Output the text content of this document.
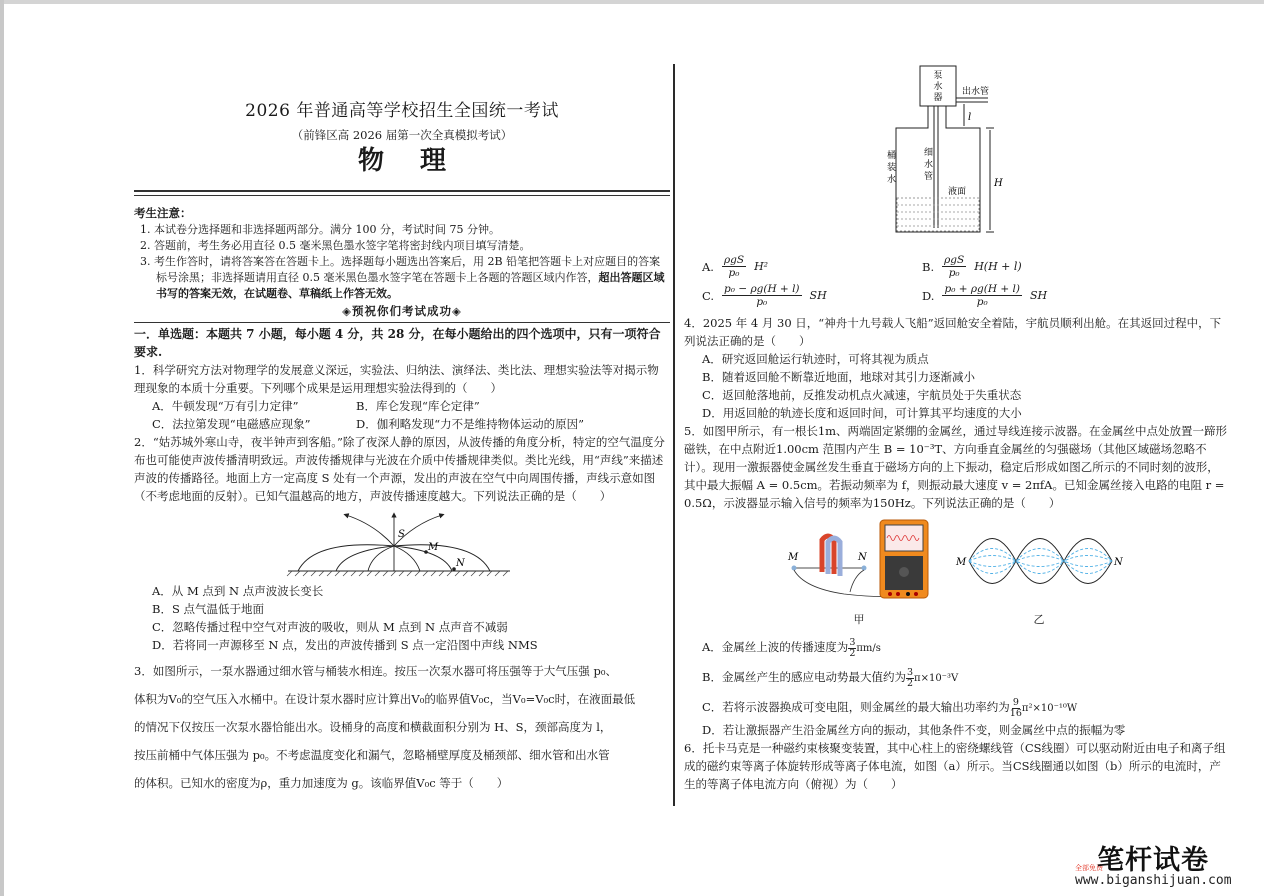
2026 年普通高等学校招生全国统一考试
（前锋区高 2026 届第一次全真模拟考试）
物理
考生注意：
1. 本试卷分选择题和非选择题两部分。满分 100 分，考试时间 75 分钟。
2. 答题前，考生务必用直径 0.5 毫米黑色墨水签字笔将密封线内项目填写清楚。
3. 考生作答时，请将答案答在答题卡上。选择题每小题选出答案后，用 2B 铅笔把答题卡上对应题目的答案标号涂黑；非选择题请用直径 0.5 毫米黑色墨水签字笔在答题卡上各题的答题区域内作答，超出答题区域书写的答案无效，在试题卷、草稿纸上作答无效。
◈预祝你们考试成功◈
一．单选题：本题共 7 小题，每小题 4 分，共 28 分，在每小题给出的四个选项中，只有一项符合要求.
1．科学研究方法对物理学的发展意义深远，实验法、归纳法、演绎法、类比法、理想实验法等对揭示物理现象的本质十分重要。下列哪个成果是运用理想实验法得到的（　　）
A．牛顿发现“万有引力定律”	B．库仑发现“库仑定律”
C．法拉第发现“电磁感应现象”	D．伽利略发现“力不是维持物体运动的原因”
2．“姑苏城外寒山寺，夜半钟声到客船。”除了夜深人静的原因，从波传播的角度分析，特定的空气温度分布也可能使声波传播清明致远。声波传播规律与光波在介质中传播规律类似。类比光线，用“声线”来描述声波的传播路径。地面上方一定高度 S 处有一个声源，发出的声波在空气中向周围传播，声线示意如图（不考虑地面的反射）。已知气温越高的地方，声波传播速度越大。下列说法正确的是（　　）
S
M
N
A．从 M 点到 N 点声波波长变长
B．S 点气温低于地面
C．忽略传播过程中空气对声波的吸收，则从 M 点到 N 点声音不减弱
D．若将同一声源移至 N 点，发出的声波传播到 S 点一定沿图中声线 NMS

3．如图所示，一泵水器通过细水管与桶装水相连。按压一次泵水器可将压强等于大气压强 p₀、

体积为V₀的空气压入水桶中。在设计泵水器时应计算出V₀的临界值V₀c，当V₀=V₀c时，在液面最低

的情况下仅按压一次泵水器恰能出水。设桶身的高度和横截面积分别为 H、S，颈部高度为 l，

按压前桶中气体压强为 p₀。不考虑温度变化和漏气，忽略桶壁厚度及桶颈部、细水管和出水管

的体积。已知水的密度为ρ，重力加速度为 g。该临界值V₀c 等于（　　）

泵
水
器
出水管
桶
装
水
细
水
管
液面
l
H
A. $\frac{\text{ρgS}}{\text{p₀}} H^2$	B. $\frac{\text{ρgS}}{\text{p₀}} H(H + l)$
C. $\frac{\text{p₀ − ρg(H + l)}}{\text{p₀}}$ SH	D. $\frac{\text{p₀ + ρg(H + l)}}{\text{p₀}}$ SH
4．2025 年 4 月 30 日，“神舟十九号载人飞船”返回舱安全着陆，宇航员顺利出舱。在其返回过程中，下列说法正确的是（　　）
A．研究返回舱运行轨迹时，可将其视为质点
B．随着返回舱不断靠近地面，地球对其引力逐渐减小
C．返回舱落地前，反推发动机点火减速，宇航员处于失重状态
D．用返回舱的轨迹长度和返回时间，可计算其平均速度的大小
5．如图甲所示，有一根长1m、两端固定紧绷的金属丝，通过导线连接示波器。在金属丝中点处放置一蹄形磁铁，在中点附近1.00cm 范围内产生 B = 10⁻³T、方向垂直金属丝的匀强磁场（其他区域磁场忽略不计）。现用一激振器使金属丝发生垂直于磁场方向的上下振动，稳定后形成如图乙所示的不同时刻的波形，其中最大振幅 A = 0.5cm。若振动频率为 f，则振动最大速度 v = 2πfA。已知金属丝接入电路的电阻 r = 0.5Ω，示波器显示输入信号的频率为150Hz。下列说法正确的是（　　）
M	N
甲
M	N
乙
A．金属丝上波的传播速度为 $\frac{3}{2} \pi m/s$
B．金属丝产生的感应电动势最大值约为 $\frac{3}{2} \pi\times 10^{-3}V$
C．若将示波器换成可变电阻，则金属丝的最大输出功率约为 $\frac{9}{16} \pi^2\times 10^{-10}W$
D．若让激振器产生沿金属丝方向的振动，其他条件不变，则金属丝中点的振幅为零
6．托卡马克是一种磁约束核聚变装置，其中心柱上的密绕螺线管（CS线圈）可以驱动附近由电子和离子组成的磁约束等离子体旋转形成等离子体电流，如图（a）所示。当CS线圈通以如图（b）所示的电流时，产生的等离子体电流方向（俯视）为（　　）
全部免费
笔杆试卷
www.biganshijuan.com
